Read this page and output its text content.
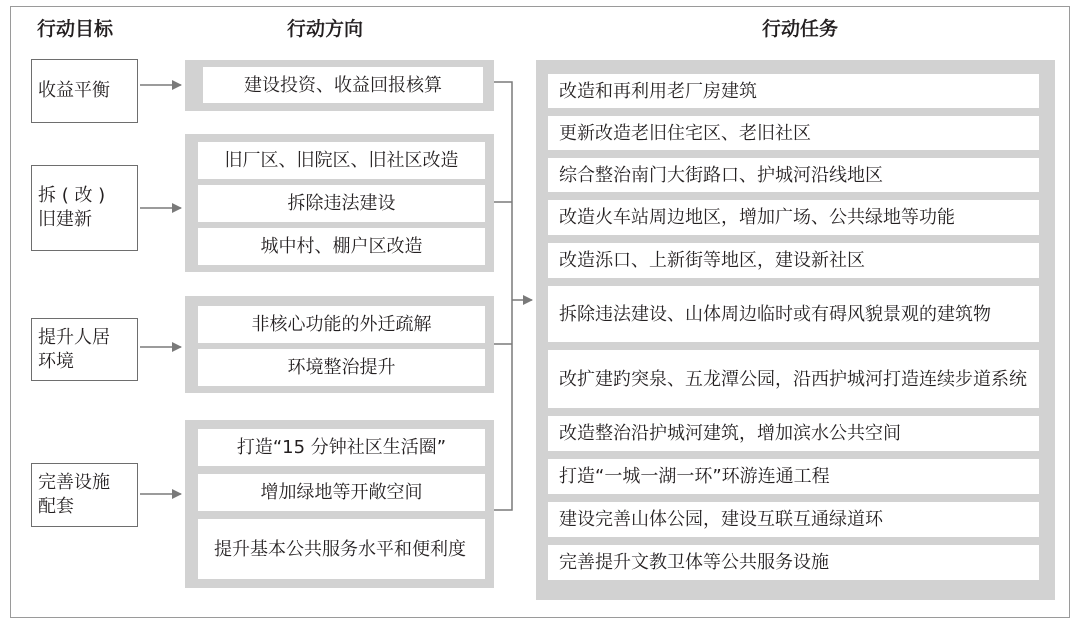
行动目标	行动方向	行动任务
收益平衡
拆 ( 改 )
旧建新
提升人居
环境
完善设施
配套
建设投资、收益回报核算
旧厂区、旧院区、旧社区改造
拆除违法建设
城中村、棚户区改造
非核心功能的外迁疏解
环境整治提升
打造“15 分钟社区生活圈”
增加绿地等开敞空间
提升基本公共服务水平和便利度
改造和再利用老厂房建筑
更新改造老旧住宅区、老旧社区
综合整治南门大街路口、护城河沿线地区
改造火车站周边地区，增加广场、公共绿地等功能
改造泺口、上新街等地区，建设新社区
拆除违法建设、山体周边临时或有碍风貌景观的建筑物
改扩建趵突泉、五龙潭公园，沿西护城河打造连续步道系统
改造整治沿护城河建筑，增加滨水公共空间
打造“一城一湖一环”环游连通工程
建设完善山体公园，建设互联互通绿道环
完善提升文教卫体等公共服务设施
